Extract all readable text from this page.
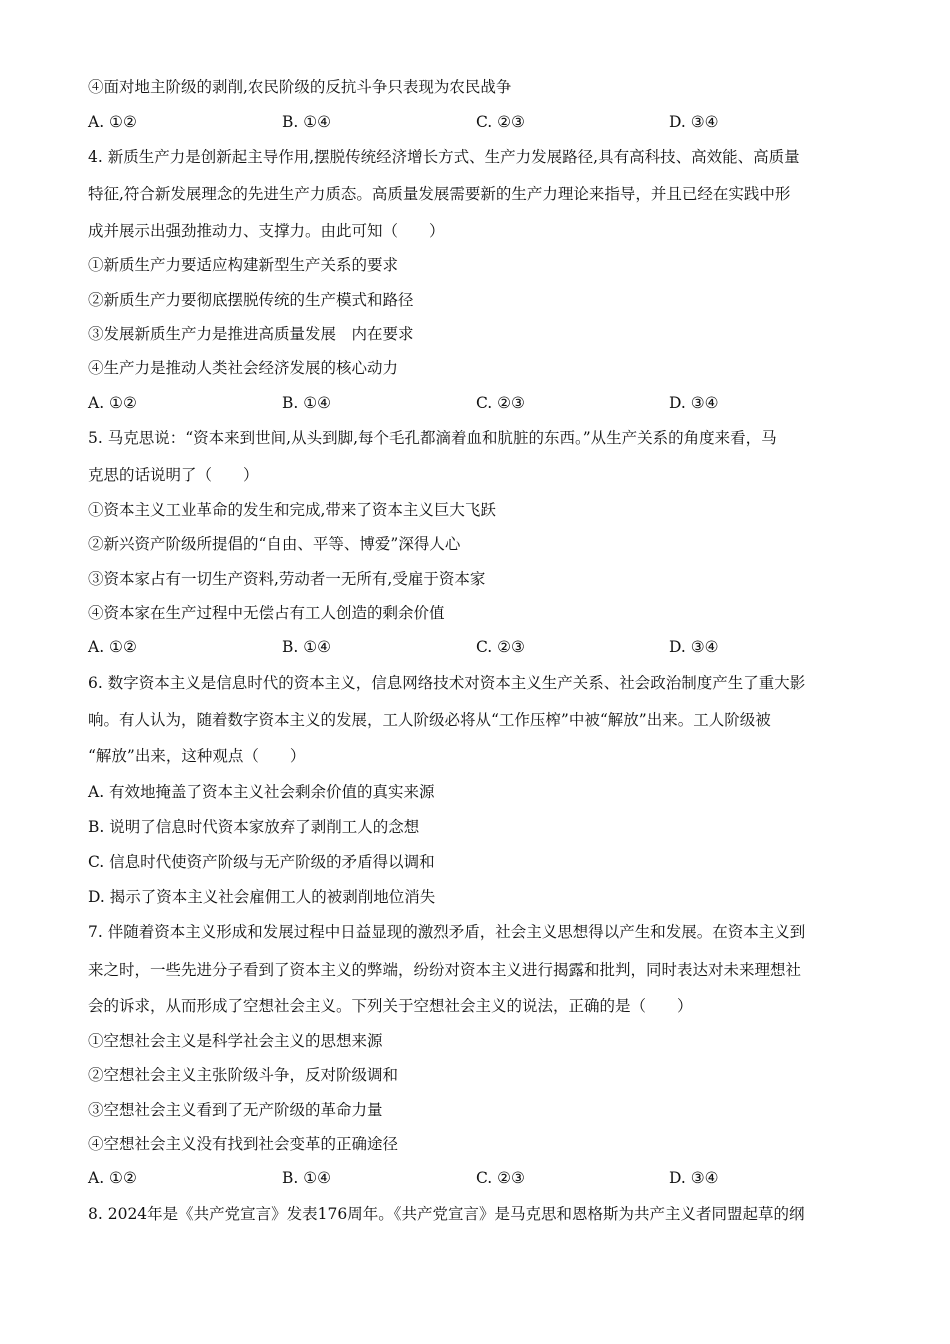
④面对地主阶级的剥削,农民阶级的反抗斗争只表现为农民战争
A. ①②	B. ①④	C. ②③	D. ③④
4. 新质生产力是创新起主导作用,摆脱传统经济增长方式、生产力发展路径,具有高科技、高效能、高质量
特征,符合新发展理念的先进生产力质态。高质量发展需要新的生产力理论来指导，并且已经在实践中形
成并展示出强劲推动力、支撑力。由此可知（　　）
①新质生产力要适应构建新型生产关系的要求
②新质生产力要彻底摆脱传统的生产模式和路径
③发展新质生产力是推进高质量发展　内在要求
④生产力是推动人类社会经济发展的核心动力
A. ①②	B. ①④	C. ②③	D. ③④
5. 马克思说：“资本来到世间,从头到脚,每个毛孔都滴着血和肮脏的东西。”从生产关系的角度来看，马
克思的话说明了（　　）
①资本主义工业革命的发生和完成,带来了资本主义巨大飞跃
②新兴资产阶级所提倡的“自由、平等、博爱”深得人心
③资本家占有一切生产资料,劳动者一无所有,受雇于资本家
④资本家在生产过程中无偿占有工人创造的剩余价值
A. ①②	B. ①④	C. ②③	D. ③④
6. 数字资本主义是信息时代的资本主义，信息网络技术对资本主义生产关系、社会政治制度产生了重大影
响。有人认为，随着数字资本主义的发展，工人阶级必将从“工作压榨”中被“解放”出来。工人阶级被
“解放”出来，这种观点（　　）
A. 有效地掩盖了资本主义社会剩余价值的真实来源
B. 说明了信息时代资本家放弃了剥削工人的念想
C. 信息时代使资产阶级与无产阶级的矛盾得以调和
D. 揭示了资本主义社会雇佣工人的被剥削地位消失
7. 伴随着资本主义形成和发展过程中日益显现的激烈矛盾，社会主义思想得以产生和发展。在资本主义到
来之时，一些先进分子看到了资本主义的弊端，纷纷对资本主义进行揭露和批判，同时表达对未来理想社
会的诉求，从而形成了空想社会主义。下列关于空想社会主义的说法，正确的是（　　）
①空想社会主义是科学社会主义的思想来源
②空想社会主义主张阶级斗争，反对阶级调和
③空想社会主义看到了无产阶级的革命力量
④空想社会主义没有找到社会变革的正确途径
A. ①②	B. ①④	C. ②③	D. ③④
8. 2024年是《共产党宣言》发表176周年。《共产党宣言》是马克思和恩格斯为共产主义者同盟起草的纲
